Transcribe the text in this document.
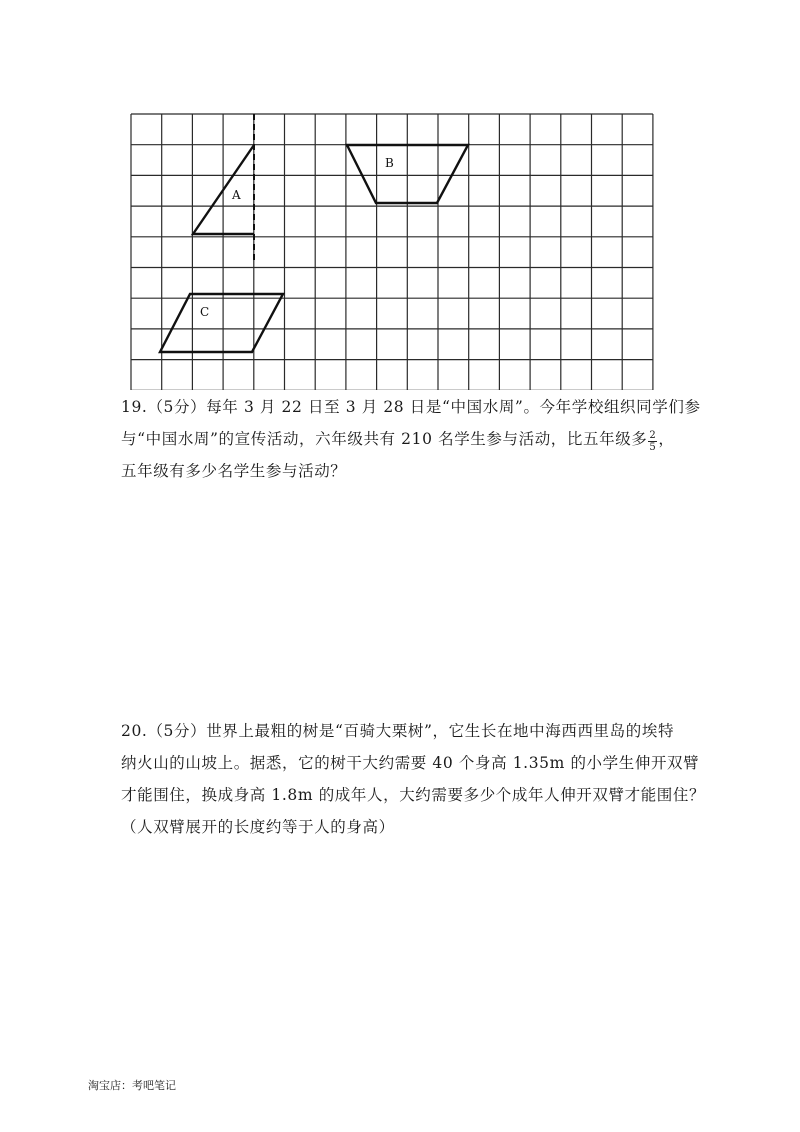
A
B
C
19.（5分）每年 3 月 22 日至 3 月 28 日是“中国水周”。今年学校组织同学们参
与“中国水周”的宣传活动，六年级共有 210 名学生参与活动，比五年级多 $\frac{2}{5}$ ，
五年级有多少名学生参与活动？
20.（5分）世界上最粗的树是“百骑大栗树”，它生长在地中海西西里岛的埃特
纳火山的山坡上。据悉，它的树干大约需要 40 个身高 1.35m 的小学生伸开双臂
才能围住，换成身高 1.8m 的成年人，大约需要多少个成年人伸开双臂才能围住？
（人双臂展开的长度约等于人的身高）
淘宝店：考吧笔记
